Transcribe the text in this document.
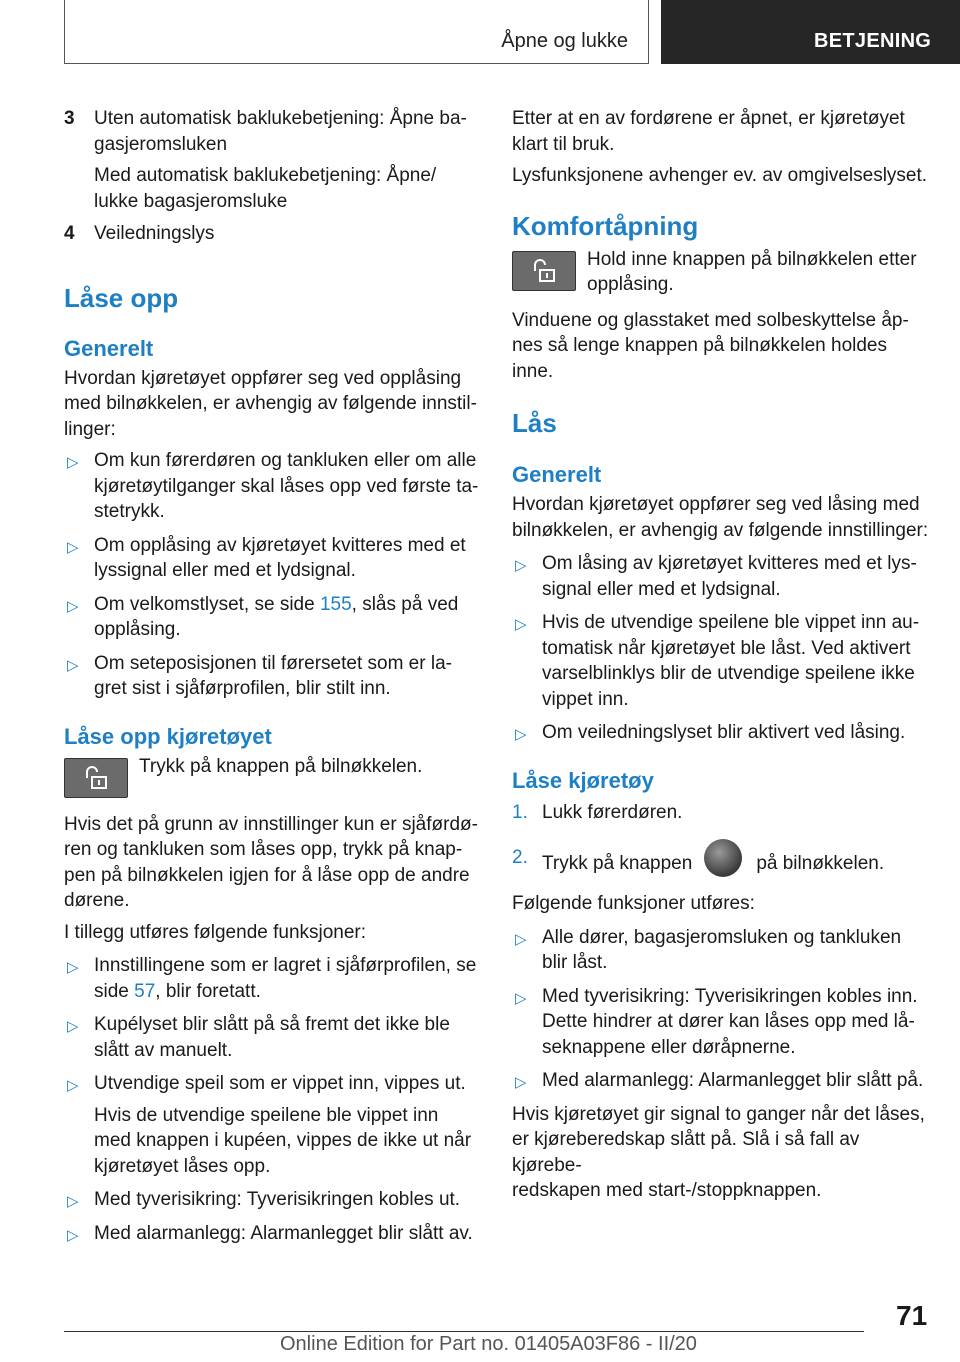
Åpne og lukke	BETJENING
3 Uten automatisk baklukebetjening: Åpne ba-
gasjeromsluken
Med automatisk baklukebetjening: Åpne/
lukke bagasjeromsluke
4 Veiledningslys
Låse opp
Generelt
Hvordan kjøretøyet oppfører seg ved opplåsing
med bilnøkkelen, er avhengig av følgende innstil-
linger:
▷ Om kun førerdøren og tankluken eller om alle
kjøretøytilganger skal låses opp ved første ta-
stetrykk.
▷ Om opplåsing av kjøretøyet kvitteres med et
lyssignal eller med et lydsignal.
▷ Om velkomstlyset, se side 155, slås på ved
opplåsing.
▷ Om seteposisjonen til førersetet som er la-
gret sist i sjåførprofilen, blir stilt inn.
Låse opp kjøretøyet
Trykk på knappen på bilnøkkelen.
Hvis det på grunn av innstillinger kun er sjåførdø-
ren og tankluken som låses opp, trykk på knap-
pen på bilnøkkelen igjen for å låse opp de andre
dørene.
I tillegg utføres følgende funksjoner:
▷ Innstillingene som er lagret i sjåførprofilen, se
side 57, blir foretatt.
▷ Kupélyset blir slått på så fremt det ikke ble
slått av manuelt.
▷ Utvendige speil som er vippet inn, vippes ut.
Hvis de utvendige speilene ble vippet inn
med knappen i kupéen, vippes de ikke ut når
kjøretøyet låses opp.
▷ Med tyverisikring: Tyverisikringen kobles ut.
▷ Med alarmanlegg: Alarmanlegget blir slått av.
Etter at en av fordørene er åpnet, er kjøretøyet
klart til bruk.
Lysfunksjonene avhenger ev. av omgivelseslyset.
Komfortåpning
Hold inne knappen på bilnøkkelen etter
opplåsing.
Vinduene og glasstaket med solbeskyttelse åp-
nes så lenge knappen på bilnøkkelen holdes
inne.
Lås
Generelt
Hvordan kjøretøyet oppfører seg ved låsing med
bilnøkkelen, er avhengig av følgende innstillinger:
▷ Om låsing av kjøretøyet kvitteres med et lys-
signal eller med et lydsignal.
▷ Hvis de utvendige speilene ble vippet inn au-
tomatisk når kjøretøyet ble låst. Ved aktivert
varselblinklys blir de utvendige speilene ikke
vippet inn.
▷ Om veiledningslyset blir aktivert ved låsing.
Låse kjøretøy
1. Lukk førerdøren.
2. Trykk på knappen	på bilnøkkelen.
Følgende funksjoner utføres:
▷ Alle dører, bagasjeromsluken og tankluken
blir låst.
▷ Med tyverisikring: Tyverisikringen kobles inn.
Dette hindrer at dører kan låses opp med lå-
seknappene eller døråpnerne.
▷ Med alarmanlegg: Alarmanlegget blir slått på.
Hvis kjøretøyet gir signal to ganger når det låses,
er kjøreberedskap slått på. Slå i så fall av kjørebe-
redskapen med start-/stoppknappen.
71
Online Edition for Part no. 01405A03F86 - II/20
